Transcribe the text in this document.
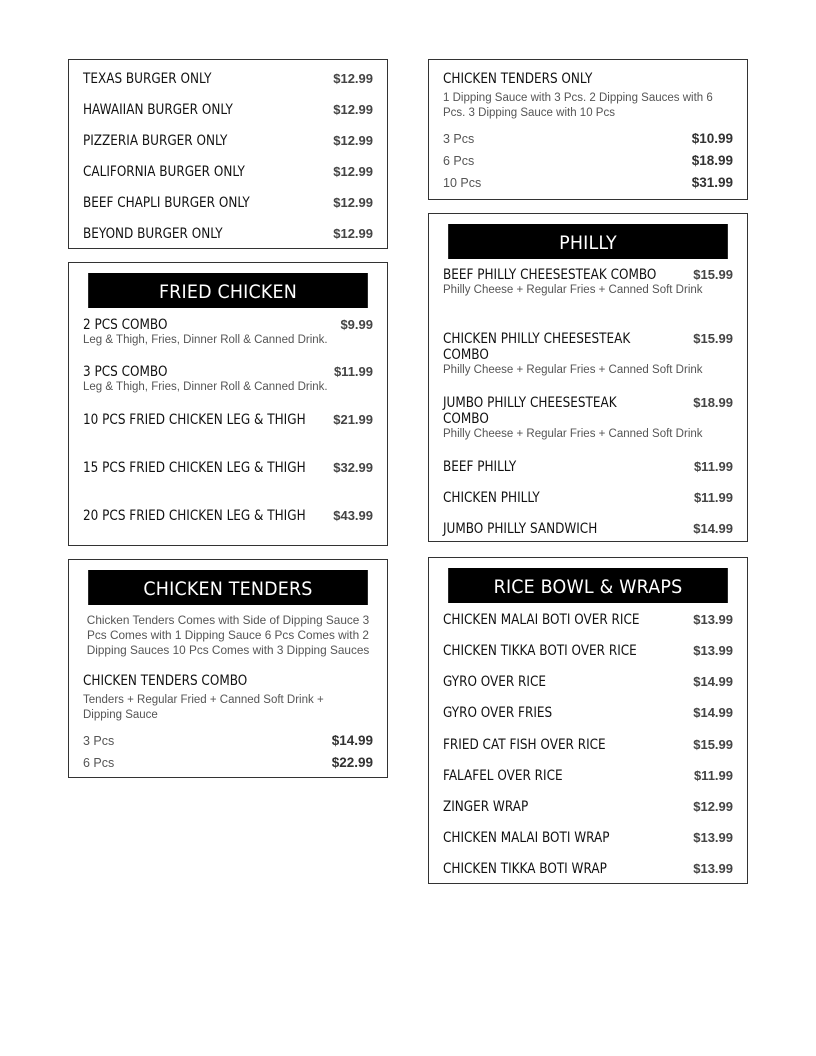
TEXAS BURGER ONLY	$12.99
HAWAIIAN BURGER ONLY	$12.99
PIZZERIA BURGER ONLY	$12.99
CALIFORNIA BURGER ONLY	$12.99
BEEF CHAPLI BURGER ONLY	$12.99
BEYOND BURGER ONLY	$12.99
FRIED CHICKEN
2 PCS COMBO	$9.99
Leg & Thigh, Fries, Dinner Roll & Canned Drink.
3 PCS COMBO	$11.99
Leg & Thigh, Fries, Dinner Roll & Canned Drink.
10 PCS FRIED CHICKEN LEG & THIGH	$21.99
15 PCS FRIED CHICKEN LEG & THIGH	$32.99
20 PCS FRIED CHICKEN LEG & THIGH	$43.99
CHICKEN TENDERS
Chicken Tenders Comes with Side of Dipping Sauce 3 Pcs Comes with 1 Dipping Sauce 6 Pcs Comes with 2 Dipping Sauces 10 Pcs Comes with 3 Dipping Sauces
CHICKEN TENDERS COMBO
Tenders + Regular Fried + Canned Soft Drink + Dipping Sauce
3 Pcs	$14.99
6 Pcs	$22.99
CHICKEN TENDERS ONLY
1 Dipping Sauce with 3 Pcs. 2 Dipping Sauces with 6 Pcs. 3 Dipping Sauce with 10 Pcs
3 Pcs	$10.99
6 Pcs	$18.99
10 Pcs	$31.99
PHILLY
BEEF PHILLY CHEESESTEAK COMBO	$15.99
Philly Cheese + Regular Fries + Canned Soft Drink
CHICKEN PHILLY CHEESESTEAK COMBO
$15.99
Philly Cheese + Regular Fries + Canned Soft Drink
JUMBO PHILLY CHEESESTEAK COMBO
$18.99
Philly Cheese + Regular Fries + Canned Soft Drink
BEEF PHILLY	$11.99
CHICKEN PHILLY	$11.99
JUMBO PHILLY SANDWICH	$14.99
RICE BOWL & WRAPS
CHICKEN MALAI BOTI OVER RICE	$13.99
CHICKEN TIKKA BOTI OVER RICE	$13.99
GYRO OVER RICE	$14.99
GYRO OVER FRIES	$14.99
FRIED CAT FISH OVER RICE	$15.99
FALAFEL OVER RICE	$11.99
ZINGER WRAP	$12.99
CHICKEN MALAI BOTI WRAP	$13.99
CHICKEN TIKKA BOTI WRAP	$13.99
